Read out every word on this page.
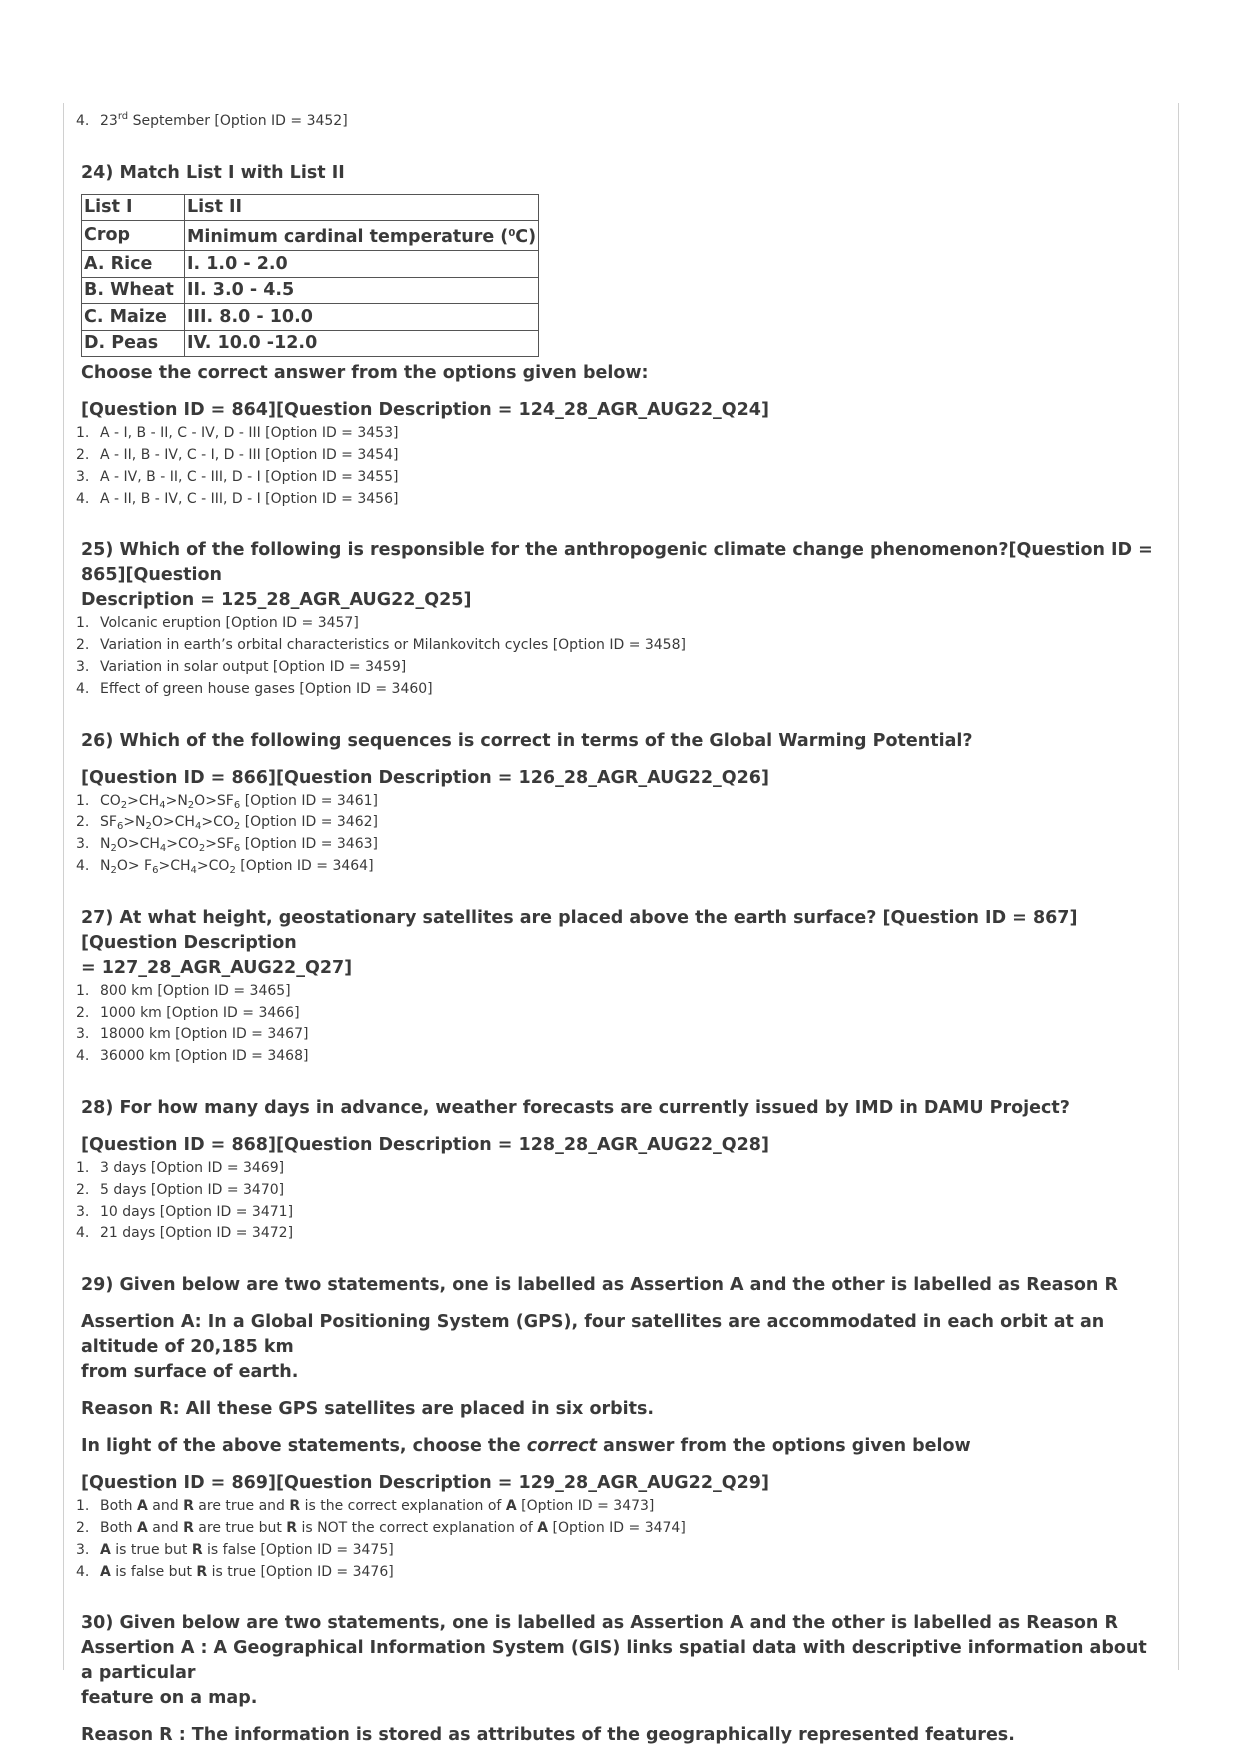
4. 23rd September [Option ID = 3452]

24) Match List I with List II

List I	List II
Crop	Minimum cardinal temperature ($^0$C)
A. Rice	I. 1.0 - 2.0
B. Wheat	II. 3.0 - 4.5
C. Maize	III. 8.0 - 10.0
D. Peas	IV. 10.0 -12.0

Choose the correct answer from the options given below:

[Question ID = 864][Question Description = 124_28_AGR_AUG22_Q24]

1. A - I, B - II, C - IV, D - III [Option ID = 3453]
2. A - II, B - IV, C - I, D - III [Option ID = 3454]
3. A - IV, B - II, C - III, D - I [Option ID = 3455]
4. A - II, B - IV, C - III, D - I [Option ID = 3456]

25) Which of the following is responsible for the anthropogenic climate change phenomenon?[Question ID = 865][Question

Description = 125_28_AGR_AUG22_Q25]

1. Volcanic eruption [Option ID = 3457]
2. Variation in earth’s orbital characteristics or Milankovitch cycles [Option ID = 3458]
3. Variation in solar output [Option ID = 3459]
4. Effect of green house gases [Option ID = 3460]

26) Which of the following sequences is correct in terms of the Global Warming Potential?

[Question ID = 866][Question Description = 126_28_AGR_AUG22_Q26]

1. $CO_2>CH_4>N_2O>SF_6$ [Option ID = 3461]
2. $SF_6>N_2O>CH_4>CO_2$ [Option ID = 3462]
3. $N_2O>CH_4>CO_2>SF_6$ [Option ID = 3463]
4. $N_2O> F_6>CH_4>CO_2$ [Option ID = 3464]

27) At what height, geostationary satellites are placed above the earth surface? [Question ID = 867][Question Description

= 127_28_AGR_AUG22_Q27]

1. 800 km [Option ID = 3465]
2. 1000 km [Option ID = 3466]
3. 18000 km [Option ID = 3467]
4. 36000 km [Option ID = 3468]

28) For how many days in advance, weather forecasts are currently issued by IMD in DAMU Project?

[Question ID = 868][Question Description = 128_28_AGR_AUG22_Q28]

1. 3 days [Option ID = 3469]
2. 5 days [Option ID = 3470]
3. 10 days [Option ID = 3471]
4. 21 days [Option ID = 3472]

29) Given below are two statements, one is labelled as Assertion A and the other is labelled as Reason R

Assertion A: In a Global Positioning System (GPS), four satellites are accommodated in each orbit at an altitude of 20,185 km

from surface of earth.

Reason R: All these GPS satellites are placed in six orbits.

In light of the above statements, choose the correct answer from the options given below

[Question ID = 869][Question Description = 129_28_AGR_AUG22_Q29]

1. Both A and R are true and R is the correct explanation of A [Option ID = 3473]
2. Both A and R are true but R is NOT the correct explanation of A [Option ID = 3474]
3. A is true but R is false [Option ID = 3475]
4. A is false but R is true [Option ID = 3476]

30) Given below are two statements, one is labelled as Assertion A and the other is labelled as Reason R

Assertion A : A Geographical Information System (GIS) links spatial data with descriptive information about a particular

feature on a map.

Reason R : The information is stored as attributes of the geographically represented features.
